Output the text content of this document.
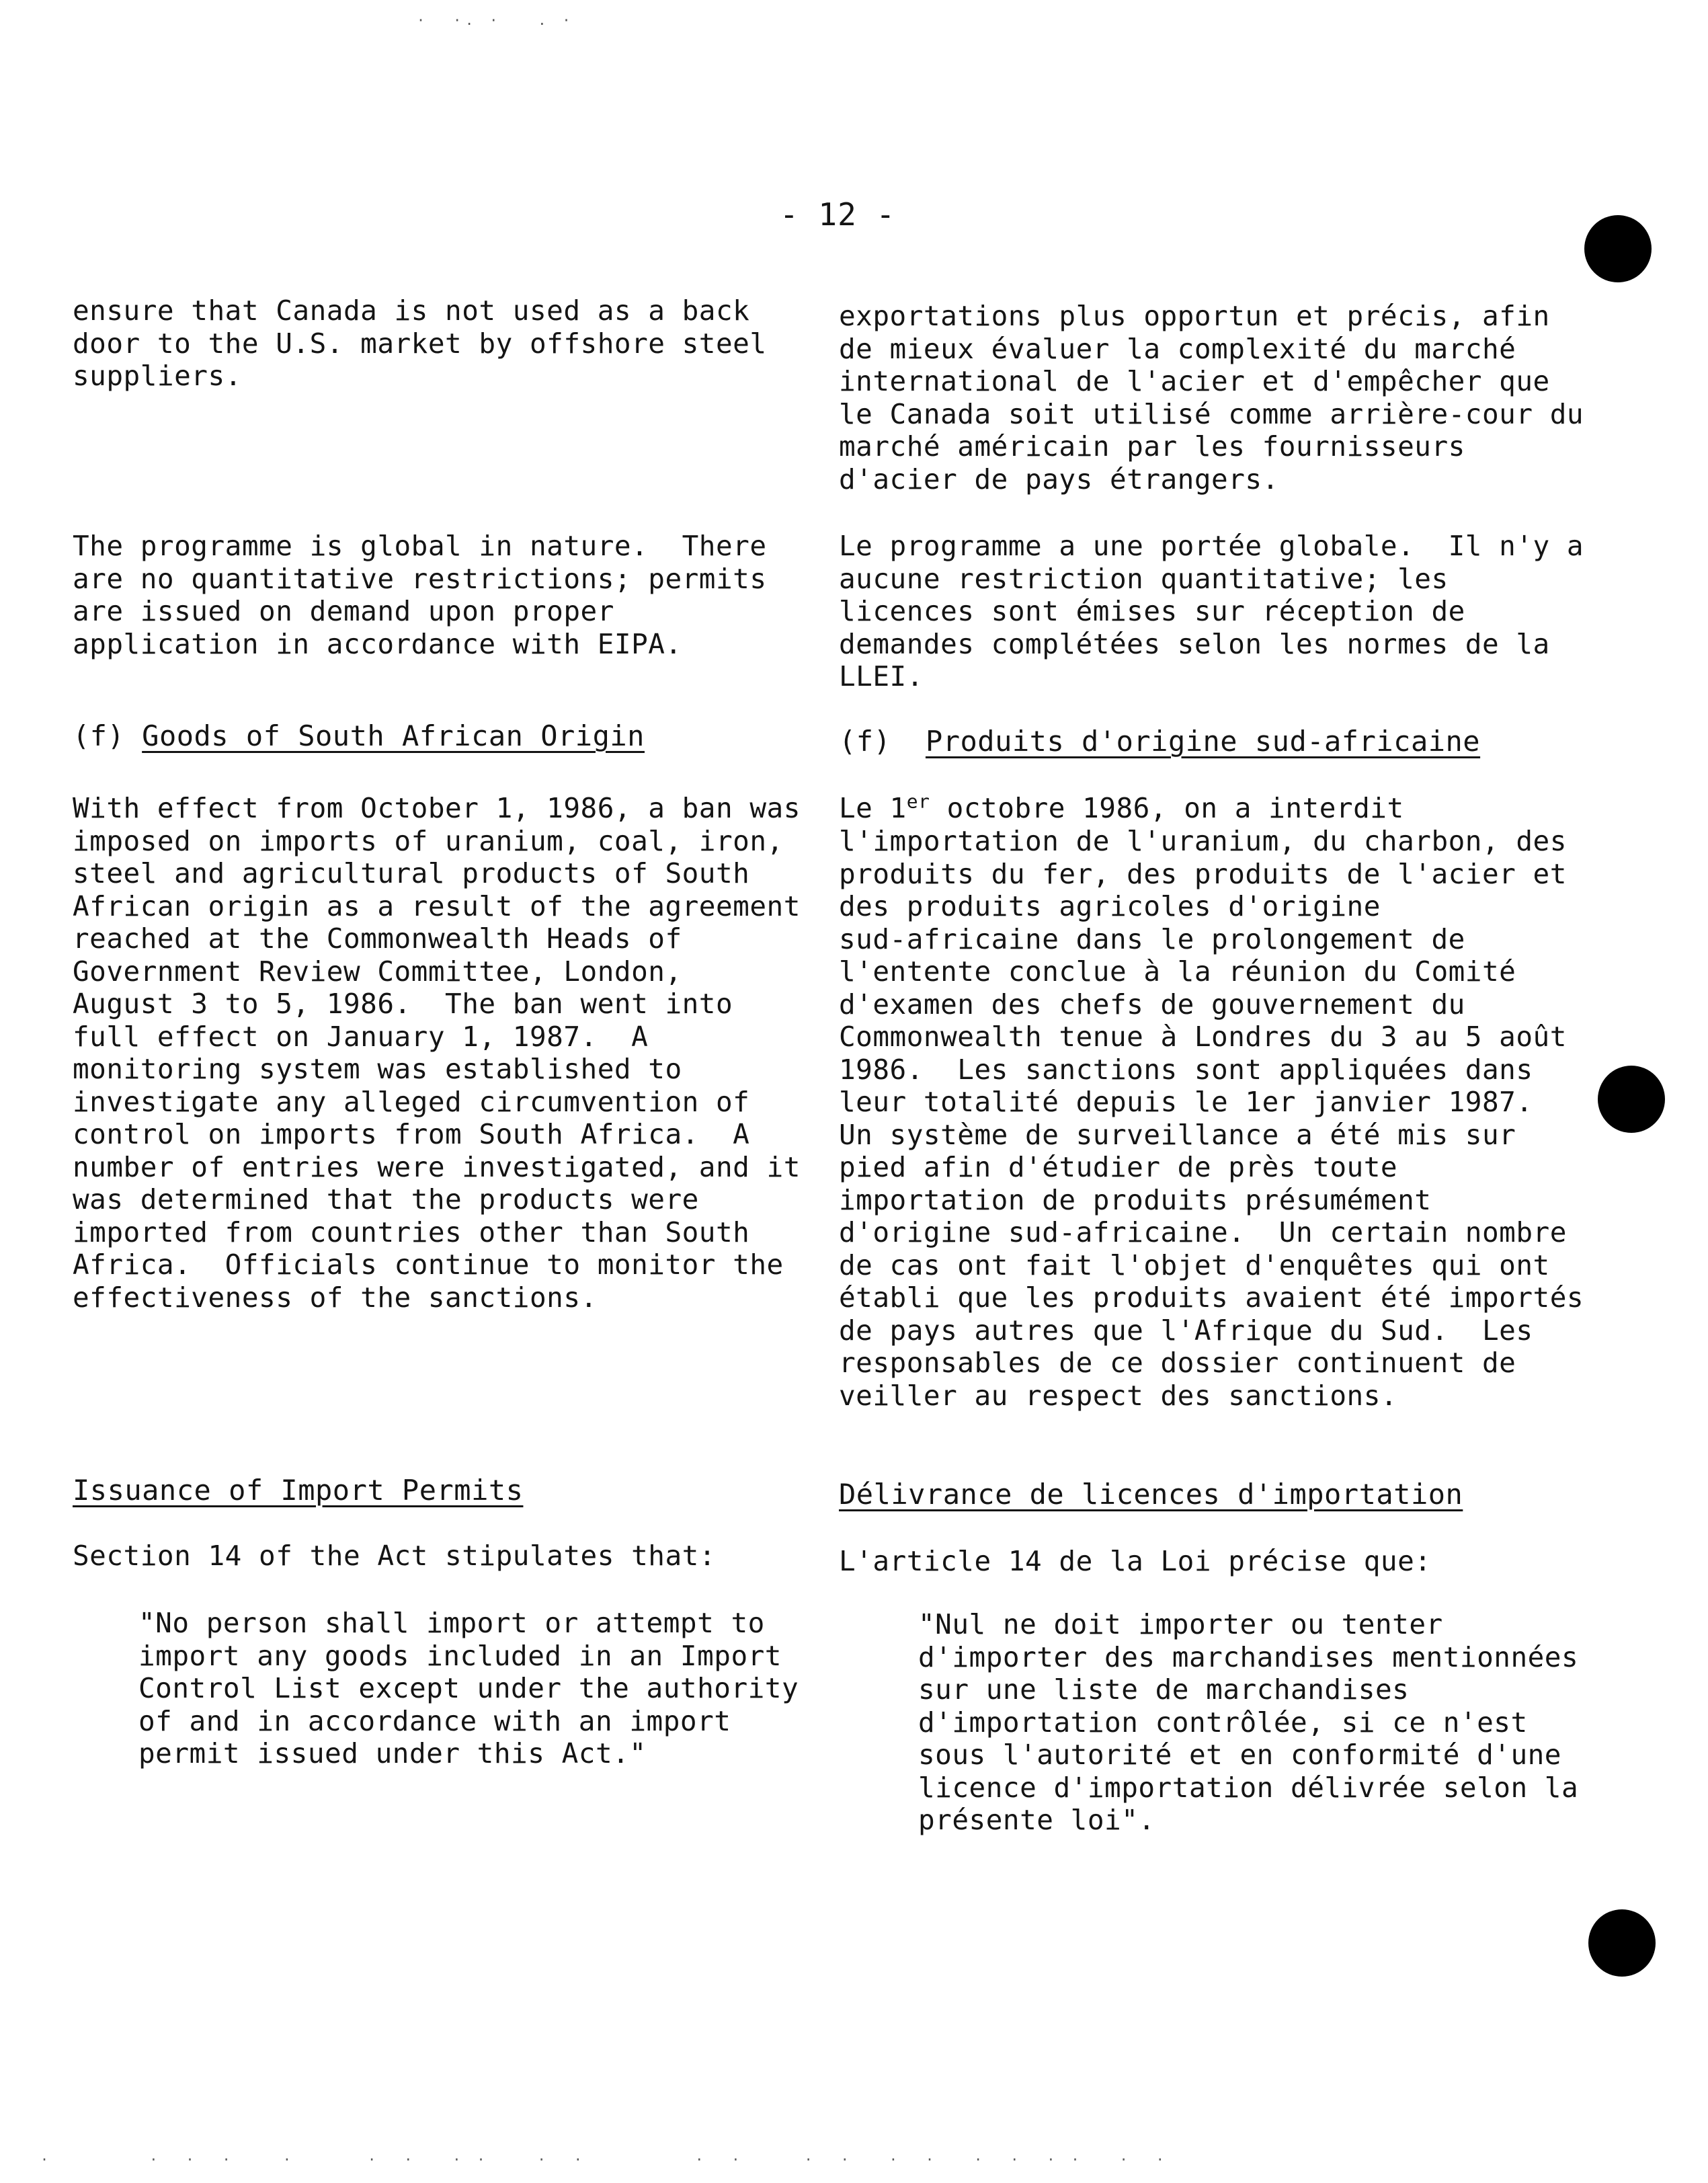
·  ·. ·   . ·
·        ·  ·  ·    ·      ·  ·   · ·    ·  ·         ·  ·     ·  ·   ·  ·   ·  ·  · ·   ·  ·
- 12 -

ensure that Canada is not used as a back
door to the U.S. market by offshore steel
suppliers.

The programme is global in nature.  There
are no quantitative restrictions; permits
are issued on demand upon proper
application in accordance with EIPA.

(f) Goods of South African Origin

With effect from October 1, 1986, a ban was
imposed on imports of uranium, coal, iron,
steel and agricultural products of South
African origin as a result of the agreement
reached at the Commonwealth Heads of
Government Review Committee, London,
August 3 to 5, 1986.  The ban went into
full effect on January 1, 1987.  A
monitoring system was established to
investigate any alleged circumvention of
control on imports from South Africa.  A
number of entries were investigated, and it
was determined that the products were
imported from countries other than South
Africa.  Officials continue to monitor the
effectiveness of the sanctions.

Issuance of Import Permits

Section 14 of the Act stipulates that:

"No person shall import or attempt to
import any goods included in an Import
Control List except under the authority
of and in accordance with an import
permit issued under this Act."

exportations plus opportun et précis, afin
de mieux évaluer la complexité du marché
international de l'acier et d'empêcher que
le Canada soit utilisé comme arrière-cour du
marché américain par les fournisseurs
d'acier de pays étrangers.

Le programme a une portée globale.  Il n'y a
aucune restriction quantitative; les
licences sont émises sur réception de
demandes complétées selon les normes de la
LLEI.

(f) Produits d'origine sud-africaine

Le 1er octobre 1986, on a interdit

l'importation de l'uranium, du charbon, des
produits du fer, des produits de l'acier et
des produits agricoles d'origine
sud-africaine dans le prolongement de
l'entente conclue à la réunion du Comité
d'examen des chefs de gouvernement du
Commonwealth tenue à Londres du 3 au 5 août
1986.  Les sanctions sont appliquées dans
leur totalité depuis le 1er janvier 1987.
Un système de surveillance a été mis sur
pied afin d'étudier de près toute
importation de produits présumément
d'origine sud-africaine.  Un certain nombre
de cas ont fait l'objet d'enquêtes qui ont
établi que les produits avaient été importés
de pays autres que l'Afrique du Sud.  Les
responsables de ce dossier continuent de
veiller au respect des sanctions.

Délivrance de licences d'importation

L'article 14 de la Loi précise que:

"Nul ne doit importer ou tenter
d'importer des marchandises mentionnées
sur une liste de marchandises
d'importation contrôlée, si ce n'est
sous l'autorité et en conformité d'une
licence d'importation délivrée selon la
présente loi".
